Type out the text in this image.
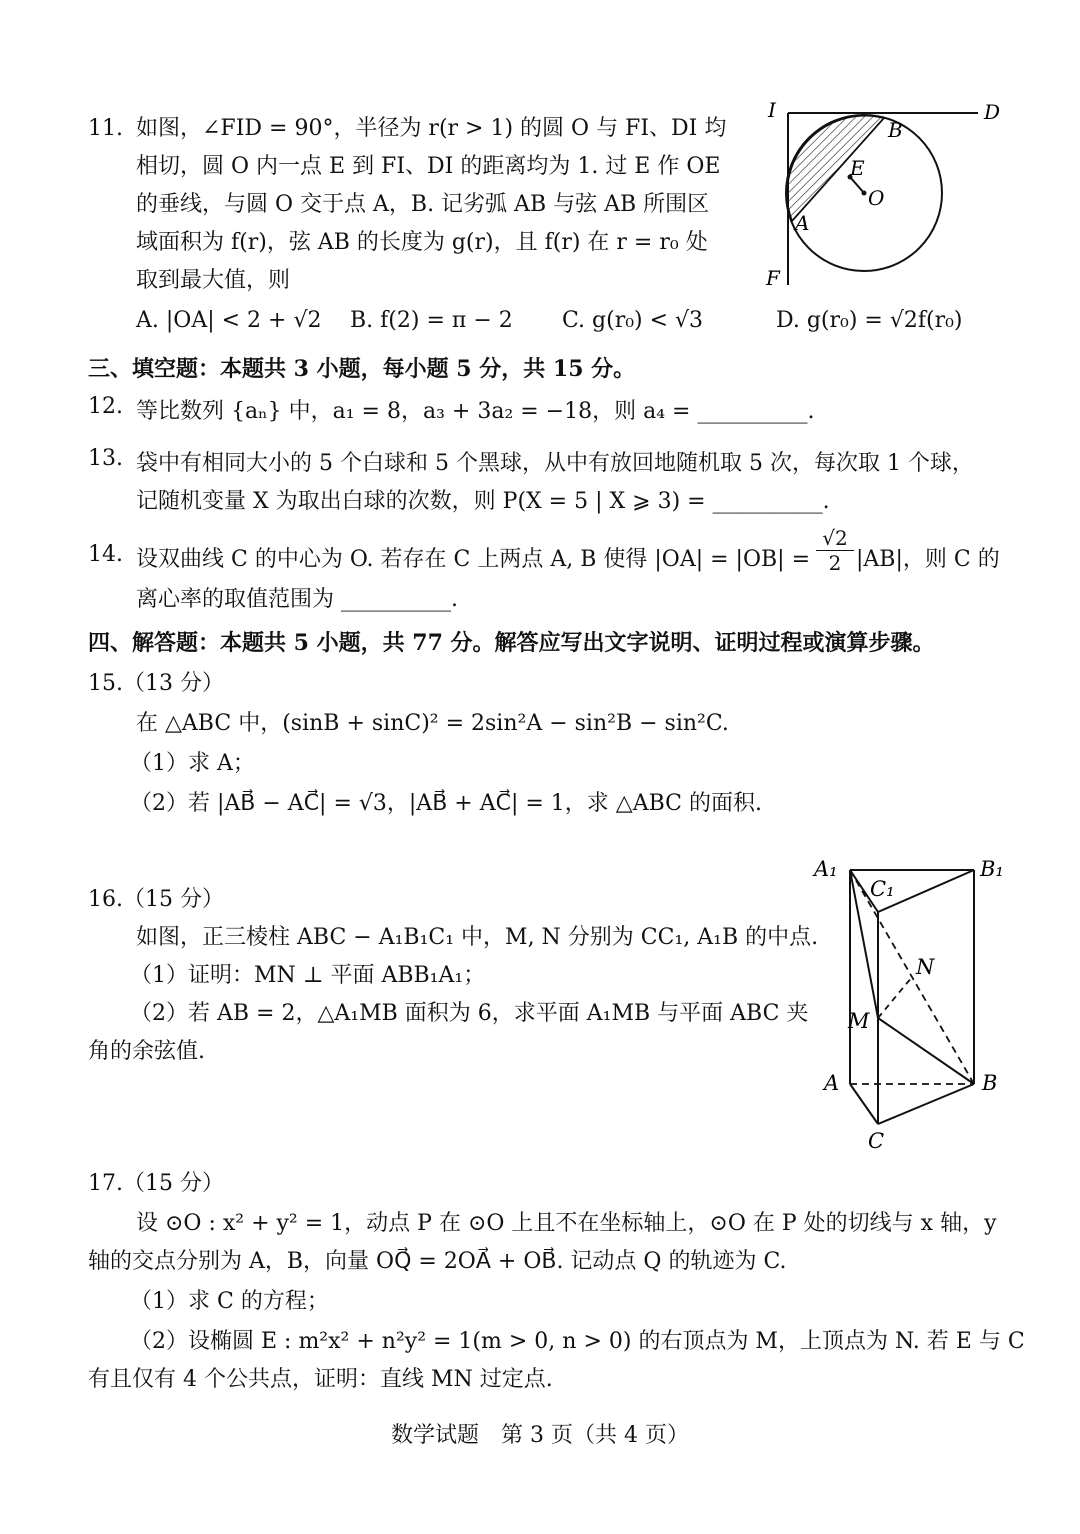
11. 如图，∠FID = 90°，半径为 r(r > 1) 的圆 O 与 FI、DI 均
相切，圆 O 内一点 E 到 FI、DI 的距离均为 1. 过 E 作 OE
的垂线，与圆 O 交于点 A，B. 记劣弧 AB 与弦 AB 所围区
域面积为 f(r)，弦 AB 的长度为 g(r)，且 f(r) 在 r = r₀ 处
取到最大值，则
A. |OA| < 2 + √2 B. f(2) = π − 2 C. g(r₀) < √3	D. g(r₀) = √2f(r₀)
I	D
B
E
O
A
F
三、填空题：本题共 3 小题，每小题 5 分，共 15 分。
12. 等比数列 {aₙ} 中，a₁ = 8，a₃ + 3a₂ = −18，则 a₄ = __________.
13. 袋中有相同大小的 5 个白球和 5 个黑球，从中有放回地随机取 5 次，每次取 1 个球，
记随机变量 X 为取出白球的次数，则 P(X = 5 | X ⩾ 3) = __________.
14. 设双曲线 C 的中心为 O. 若存在 C 上两点 A, B 使得 $|OA| = |OB| = \frac{√2}{2} |AB|$，则 C 的
离心率的取值范围为 __________.
四、解答题：本题共 5 小题，共 77 分。解答应写出文字说明、证明过程或演算步骤。
15.（13 分）
在 △ABC 中，(sinB + sinC)² = 2sin²A − sin²B − sin²C.
（1）求 A；
（2）若 |AB⃗ − AC⃗| = √3，|AB⃗ + AC⃗| = 1，求 △ABC 的面积.
16.（15 分）
如图，正三棱柱 ABC − A₁B₁C₁ 中，M, N 分别为 CC₁, A₁B 的中点.
（1）证明：MN ⊥ 平面 ABB₁A₁；
（2）若 AB = 2，△A₁MB 面积为 6，求平面 A₁MB 与平面 ABC 夹
角的余弦值.
A₁	B₁
C₁
N
M
A	B
C
17.（15 分）
设 ⊙O : x² + y² = 1，动点 P 在 ⊙O 上且不在坐标轴上，⊙O 在 P 处的切线与 x 轴，y
轴的交点分别为 A，B，向量 OQ⃗ = 2OA⃗ + OB⃗. 记动点 Q 的轨迹为 C.
（1）求 C 的方程；
（2）设椭圆 E : m²x² + n²y² = 1(m > 0, n > 0) 的右顶点为 M，上顶点为 N. 若 E 与 C
有且仅有 4 个公共点，证明：直线 MN 过定点.
数学试题　第 3 页（共 4 页）
